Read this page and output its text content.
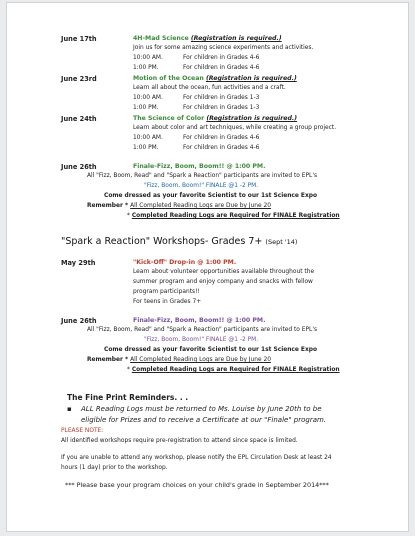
June 17th	4H-Mad Science (Registration is required.)
Join us for some amazing science experiments and activities.
10:00 AM.	For children in Grades 4-6
1:00 PM.	For children in Grades 4-6
June 23rd	Motion of the Ocean (Registration is required.)
Learn all about the ocean, fun activities and a craft.
10:00 AM.	For children in Grades 1-3
1:00 PM.	For children in Grades 1-3
June 24th	The Science of Color (Registration is required.)
Learn about color and art techniques, while creating a group project.
10:00 AM.	For children in Grades 4-6
1:00 PM.	For children in Grades 4-6
June 26th	Finale-Fizz, Boom, Boom!! @ 1:00 PM.
All "Fizz, Boom, Read" and "Spark a Reaction" participants are invited to EPL's
"Fizz, Boom, Boom!" FINALE @1 -2 PM.
Come dressed as your favorite Scientist to our 1st Science Expo
Remember * All Completed Reading Logs are Due by June 20
* Completed Reading Logs are Required for FINALE Registration
"Spark a Reaction" Workshops- Grades 7+ (Sept '14)
May 29th	"Kick-Off" Drop-in @ 1:00 PM.
Learn about volunteer opportunities available throughout the
summer program and enjoy company and snacks with fellow
program participants!!
For teens in Grades 7+
June 26th	Finale-Fizz, Boom, Boom!! @ 1:00 PM.
All "Fizz, Boom, Read" and "Spark a Reaction" participants are invited to EPL's
"Fizz, Boom, Boom!" FINALE @1 -2 PM.
Come dressed as your favorite Scientist to our 1st Science Expo
Remember * All Completed Reading Logs are Due by June 20
* Completed Reading Logs are Required for FINALE Registration
The Fine Print Reminders. . .
▪ ALL Reading Logs must be returned to Ms. Louise by June 20th to be
eligible for Prizes and to receive a Certificate at our "Finale" program.
PLEASE NOTE:
All identified workshops require pre-registration to attend since space is limited.
If you are unable to attend any workshop, please notify the EPL Circulation Desk at least 24
hours (1 day) prior to the workshop.
*** Please base your program choices on your child's grade in September 2014***
